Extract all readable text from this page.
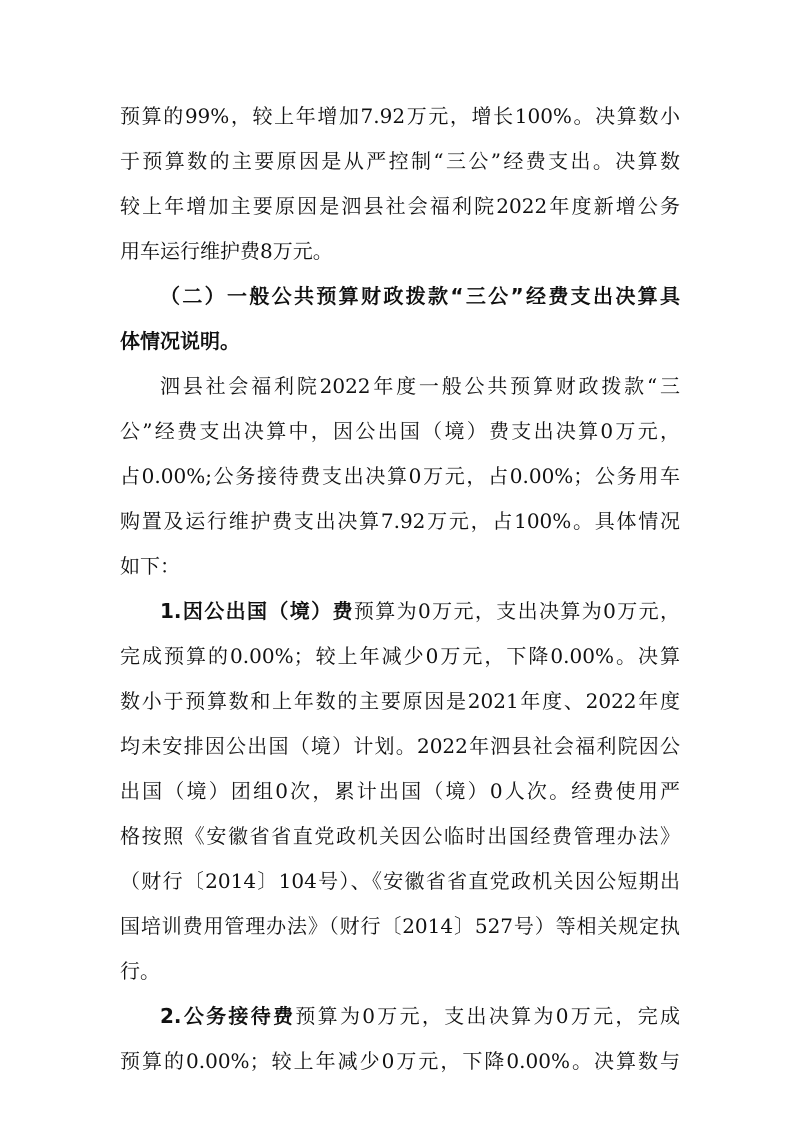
预算的99%，较上年增加7.92万元，增长100%。决算数小
于预算数的主要原因是从严控制“三公”经费支出。决算数
较上年增加主要原因是泗县社会福利院2022年度新增公务
用车运行维护费8万元。
（二）一般公共预算财政拨款“三公”经费支出决算具
体情况说明。
泗县社会福利院2022年度一般公共预算财政拨款“三
公”经费支出决算中，因公出国（境）费支出决算0万元，
占0.00%;公务接待费支出决算0万元，占0.00%；公务用车
购置及运行维护费支出决算7.92万元，占100%。具体情况
如下：
1.因公出国（境）费预算为0万元，支出决算为0万元，
完成预算的0.00%；较上年减少0万元，下降0.00%。决算
数小于预算数和上年数的主要原因是2021年度、2022年度
均未安排因公出国（境）计划。2022年泗县社会福利院因公
出国（境）团组0次，累计出国（境）0人次。经费使用严
格按照《安徽省省直党政机关因公临时出国经费管理办法》
（财行〔2014〕104号）、《安徽省省直党政机关因公短期出
国培训费用管理办法》（财行〔2014〕527号）等相关规定执
行。
2.公务接待费预算为0万元，支出决算为0万元，完成
预算的0.00%；较上年减少0万元，下降0.00%。决算数与
